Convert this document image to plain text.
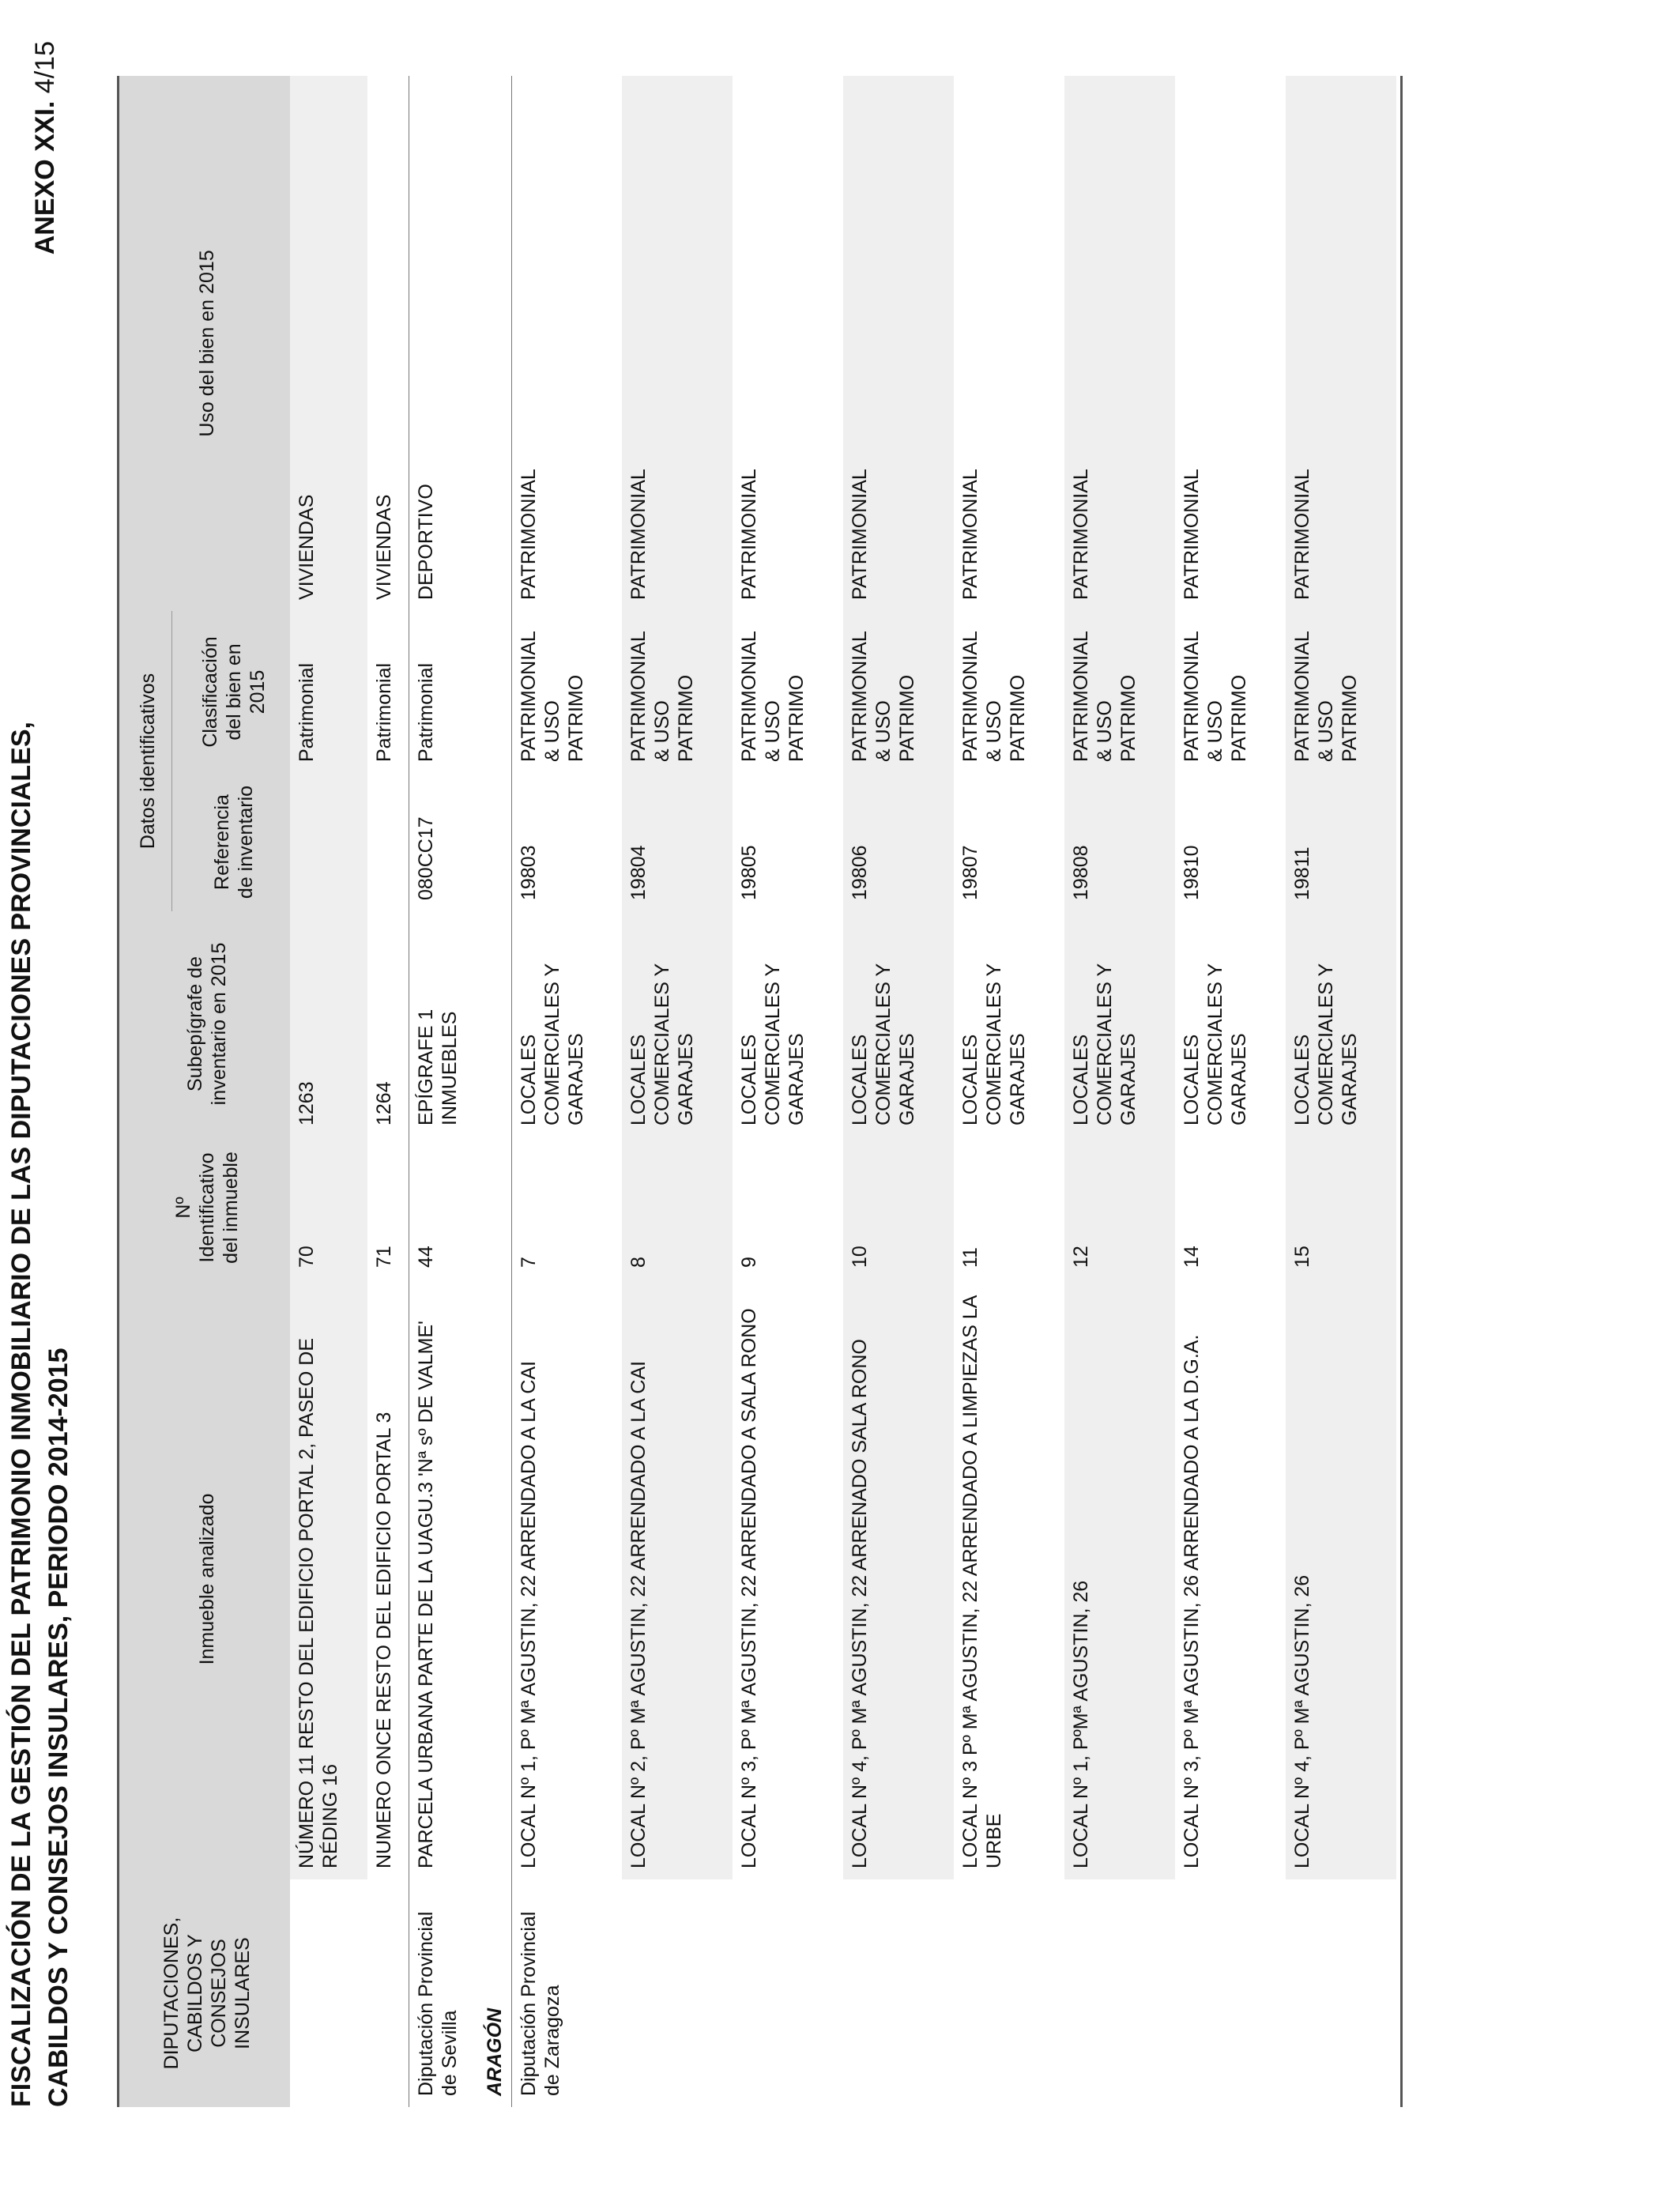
FISCALIZACIÓN DE LA GESTIÓN DEL PATRIMONIO INMOBILIARIO DE LAS DIPUTACIONES PROVINCIALES, CABILDOS Y CONSEJOS INSULARES, PERIODO 2014-2015
ANEXO XXI. 4/15
DIPUTACIONES, CABILDOS Y CONSEJOS INSULARES	Inmueble analizado	Nº Identificativo del inmueble	Subepígrafe de inventario en 2015	Datos identificativos		Uso del bien en 2015
				Referencia de inventario	Clasificación del bien en 2015	
	NÚMERO 11 RESTO DEL EDIFICIO PORTAL 2, PASEO DE RÉDING 16	70	1263		Patrimonial	VIVIENDAS
	NUMERO ONCE RESTO DEL EDIFICIO PORTAL 3	71	1264		Patrimonial	VIVIENDAS
Diputación Provincial de Sevilla	PARCELA URBANA PARTE DE LA UAGU.3 'Nª sº DE VALME'	44	EPÍGRAFE 1 INMUEBLES	080CC17	Patrimonial	DEPORTIVO
ARAGÓN						
Diputación Provincial de Zaragoza	LOCAL Nº 1, Pº Mª AGUSTIN, 22 ARRENDADO A LA CAI	7	LOCALES COMERCIALES Y GARAJES	19803	PATRIMONIAL & USO PATRIMO	PATRIMONIAL
	LOCAL Nº 2, Pº Mª AGUSTIN, 22 ARRENDADO A LA CAI	8	LOCALES COMERCIALES Y GARAJES	19804	PATRIMONIAL & USO PATRIMO	PATRIMONIAL
	LOCAL Nº 3, Pº Mª AGUSTIN, 22 ARRENDADO A SALA RONO	9	LOCALES COMERCIALES Y GARAJES	19805	PATRIMONIAL & USO PATRIMO	PATRIMONIAL
	LOCAL Nº 4, Pº Mª AGUSTIN, 22 ARRENADO SALA RONO	10	LOCALES COMERCIALES Y GARAJES	19806	PATRIMONIAL & USO PATRIMO	PATRIMONIAL
	LOCAL Nº 3 Pº Mª AGUSTIN, 22 ARRENDADO A LIMPIEZAS LA URBE	11	LOCALES COMERCIALES Y GARAJES	19807	PATRIMONIAL & USO PATRIMO	PATRIMONIAL
	LOCAL Nº 1, PºMª AGUSTIN, 26	12	LOCALES COMERCIALES Y GARAJES	19808	PATRIMONIAL & USO PATRIMO	PATRIMONIAL
	LOCAL Nº 3, Pº Mª AGUSTIN, 26 ARRENDADO A LA D.G.A.	14	LOCALES COMERCIALES Y GARAJES	19810	PATRIMONIAL & USO PATRIMO	PATRIMONIAL
	LOCAL Nº 4, Pº Mª AGUSTIN, 26	15	LOCALES COMERCIALES Y GARAJES	19811	PATRIMONIAL & USO PATRIMO	PATRIMONIAL
